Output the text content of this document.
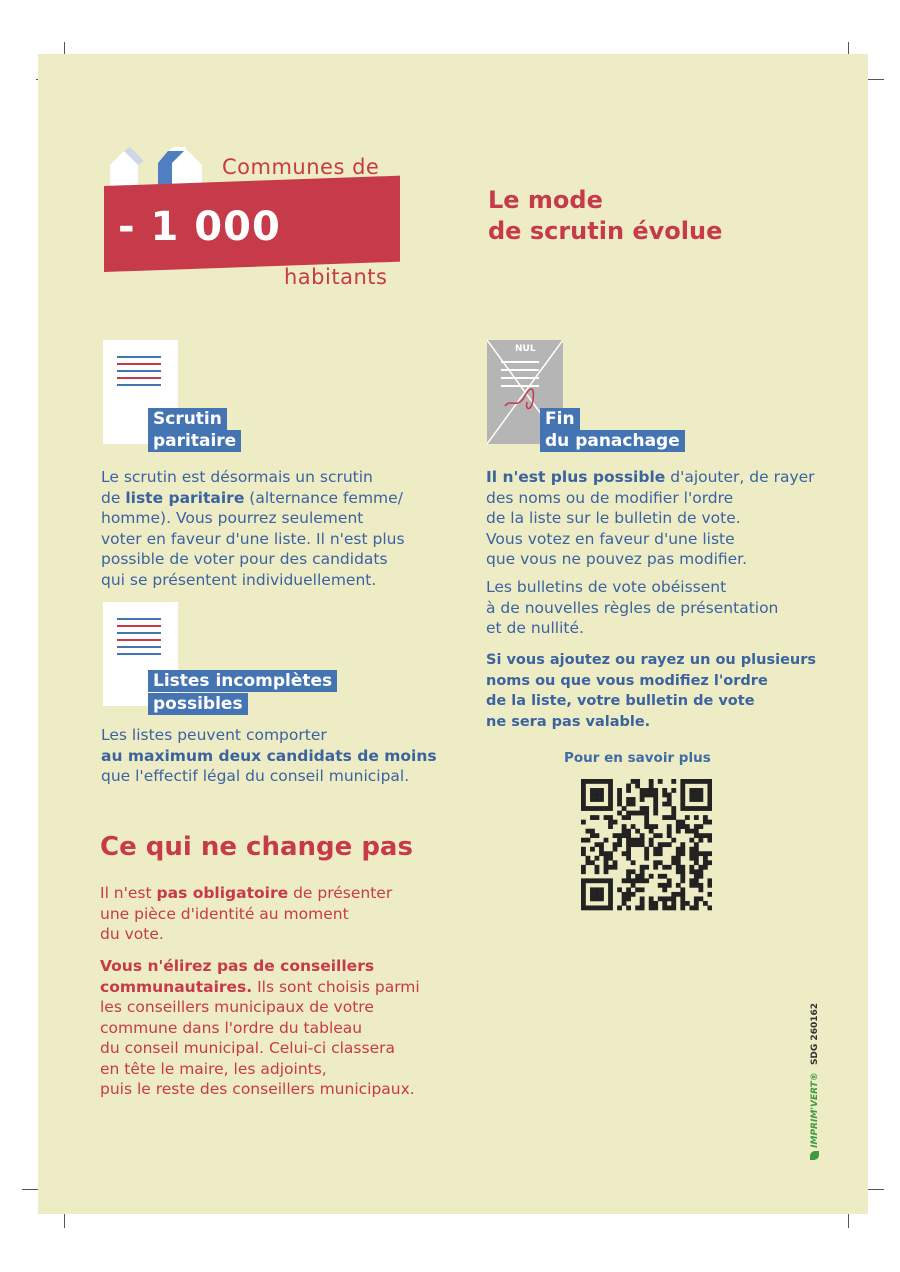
Communes de
- 1 000
habitants
Le mode
de scrutin évolue
Scrutin
paritaire
Le scrutin est désormais un scrutin
de liste paritaire (alternance femme/
homme). Vous pourrez seulement
voter en faveur d'une liste. Il n'est plus
possible de voter pour des candidats
qui se présentent individuellement.
Listes incomplètes
possibles
Les listes peuvent comporter
au maximum deux candidats de moins
que l'effectif légal du conseil municipal.
NUL
Fin
du panachage
Il n'est plus possible d'ajouter, de rayer
des noms ou de modifier l'ordre
de la liste sur le bulletin de vote.
Vous votez en faveur d'une liste
que vous ne pouvez pas modifier.
Les bulletins de vote obéissent
à de nouvelles règles de présentation
et de nullité.
Si vous ajoutez ou rayez un ou plusieurs
noms ou que vous modifiez l'ordre
de la liste, votre bulletin de vote
ne sera pas valable.
Pour en savoir plus
Ce qui ne change pas
Il n'est pas obligatoire de présenter
une pièce d'identité au moment
du vote.
Vous n'élirez pas de conseillers
communautaires. Ils sont choisis parmi
les conseillers municipaux de votre
commune dans l'ordre du tableau
du conseil municipal. Celui-ci classera
en tête le maire, les adjoints,
puis le reste des conseillers municipaux.	IMPRIM'VERT® SDG 260162
